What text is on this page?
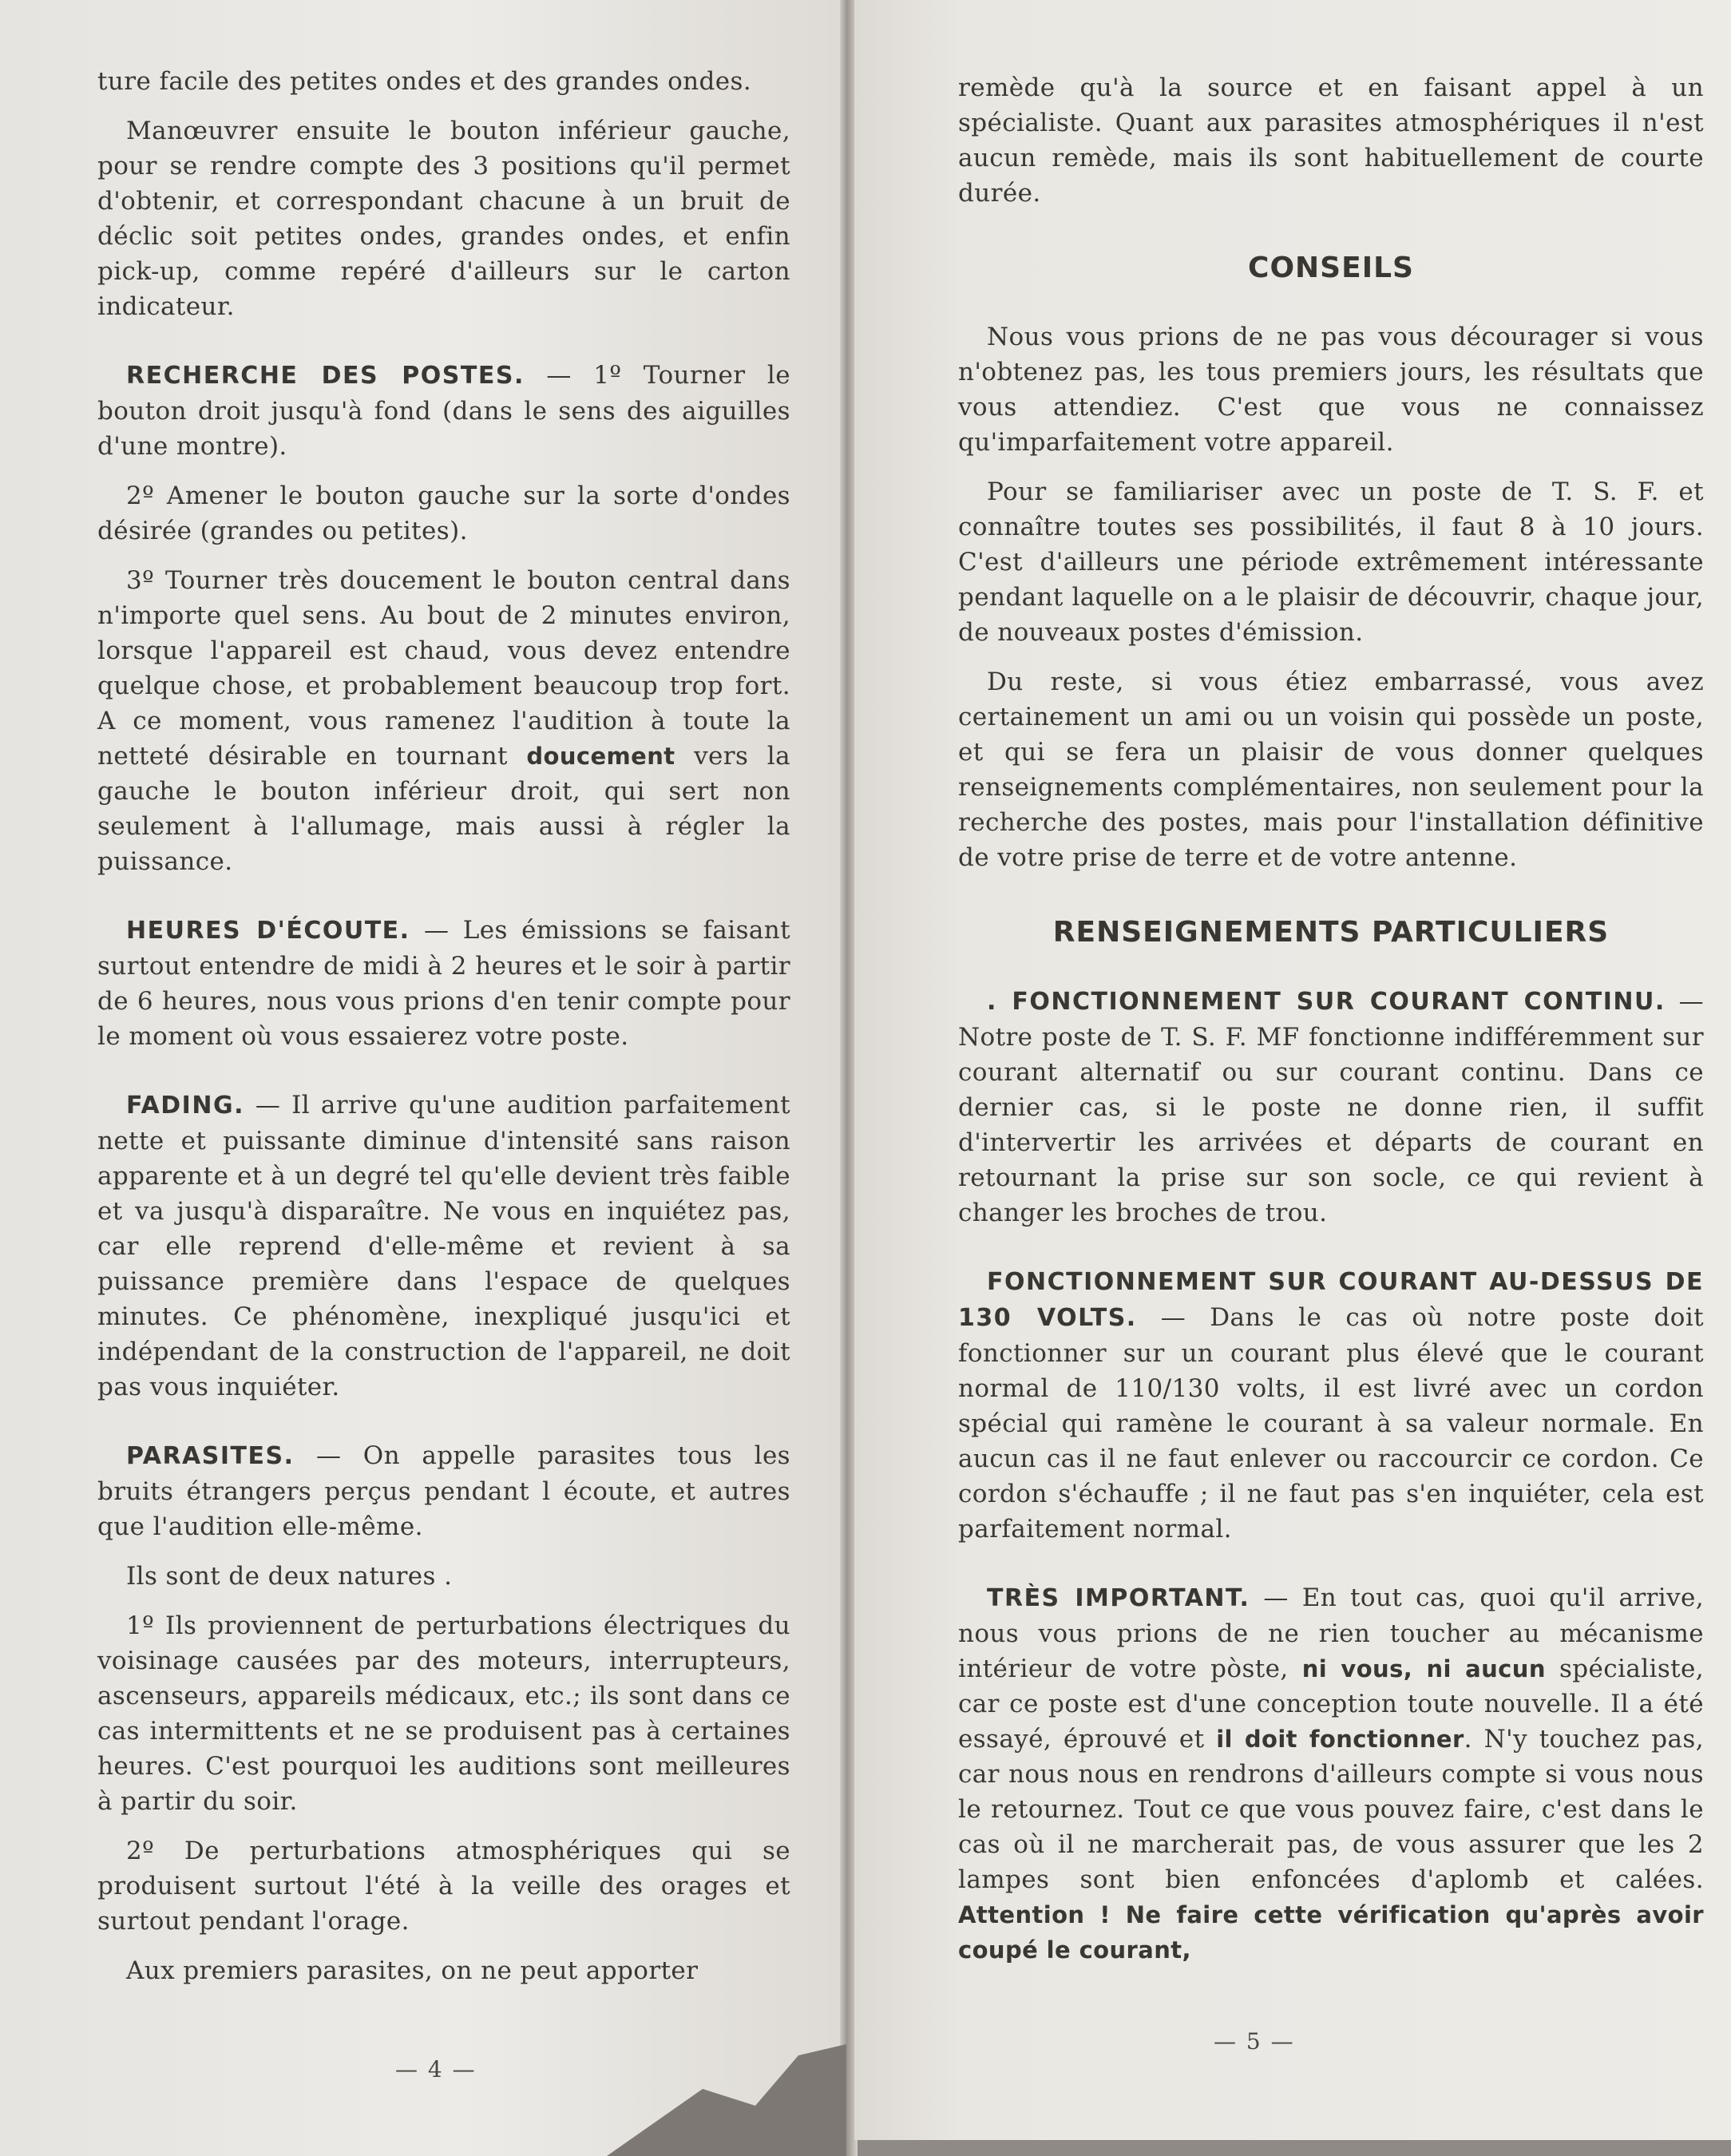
ture facile des petites ondes et des grandes ondes.

Manœuvrer ensuite le bouton inférieur gauche, pour se rendre compte des 3 positions qu'il permet d'obtenir, et correspondant chacune à un bruit de déclic soit petites ondes, grandes ondes, et enfin pick-up, comme repéré d'ailleurs sur le carton indicateur.

RECHERCHE DES POSTES. — 1º Tourner le bouton droit jusqu'à fond (dans le sens des aiguilles d'une montre).

2º Amener le bouton gauche sur la sorte d'ondes désirée (grandes ou petites).

3º Tourner très doucement le bouton central dans n'importe quel sens. Au bout de 2 minutes environ, lorsque l'appareil est chaud, vous devez entendre quelque chose, et probablement beaucoup trop fort. A ce moment, vous ramenez l'audition à toute la netteté désirable en tournant doucement vers la gauche le bouton inférieur droit, qui sert non seulement à l'allumage, mais aussi à régler la puissance.

HEURES D'ÉCOUTE. — Les émissions se faisant surtout entendre de midi à 2 heures et le soir à partir de 6 heures, nous vous prions d'en tenir compte pour le moment où vous essaierez votre poste.

FADING. — Il arrive qu'une audition parfaitement nette et puissante diminue d'intensité sans raison apparente et à un degré tel qu'elle devient très faible et va jusqu'à disparaître. Ne vous en inquiétez pas, car elle reprend d'elle-même et revient à sa puissance première dans l'espace de quelques minutes. Ce phénomène, inexpliqué jusqu'ici et indépendant de la construction de l'appareil, ne doit pas vous inquiéter.

PARASITES. — On appelle parasites tous les bruits étrangers perçus pendant l écoute, et autres que l'audition elle-même.

Ils sont de deux natures .

1º Ils proviennent de perturbations électriques du voisinage causées par des moteurs, interrupteurs, ascenseurs, appareils médicaux, etc.; ils sont dans ce cas intermittents et ne se produisent pas à certaines heures. C'est pourquoi les auditions sont meilleures à partir du soir.

2º De perturbations atmosphériques qui se produisent surtout l'été à la veille des orages et surtout pendant l'orage.

Aux premiers parasites, on ne peut apporter

— 4 —

remède qu'à la source et en faisant appel à un spécialiste. Quant aux parasites atmosphériques il n'est aucun remède, mais ils sont habituellement de courte durée.

CONSEILS

Nous vous prions de ne pas vous décourager si vous n'obtenez pas, les tous premiers jours, les résultats que vous attendiez. C'est que vous ne connaissez qu'imparfaitement votre appareil.

Pour se familiariser avec un poste de T. S. F. et connaître toutes ses possibilités, il faut 8 à 10 jours. C'est d'ailleurs une période extrêmement intéressante pendant laquelle on a le plaisir de découvrir, chaque jour, de nouveaux postes d'émission.

Du reste, si vous étiez embarrassé, vous avez certainement un ami ou un voisin qui possède un poste, et qui se fera un plaisir de vous donner quelques renseignements complémentaires, non seulement pour la recherche des postes, mais pour l'installation définitive de votre prise de terre et de votre antenne.

RENSEIGNEMENTS PARTICULIERS

. FONCTIONNEMENT SUR COURANT CONTINU. — Notre poste de T. S. F. MF fonctionne indifféremment sur courant alternatif ou sur courant continu. Dans ce dernier cas, si le poste ne donne rien, il suffit d'intervertir les arrivées et départs de courant en retournant la prise sur son socle, ce qui revient à changer les broches de trou.

FONCTIONNEMENT SUR COURANT AU-DESSUS DE 130 VOLTS. — Dans le cas où notre poste doit fonctionner sur un courant plus élevé que le courant normal de 110/130 volts, il est livré avec un cordon spécial qui ramène le courant à sa valeur normale. En aucun cas il ne faut enlever ou raccourcir ce cordon. Ce cordon s'échauffe ; il ne faut pas s'en inquiéter, cela est parfaitement normal.

TRÈS IMPORTANT. — En tout cas, quoi qu'il arrive, nous vous prions de ne rien toucher au mécanisme intérieur de votre pòste, ni vous, ni aucun spécialiste, car ce poste est d'une conception toute nouvelle. Il a été essayé, éprouvé et il doit fonctionner. N'y touchez pas, car nous nous en rendrons d'ailleurs compte si vous nous le retournez. Tout ce que vous pouvez faire, c'est dans le cas où il ne marcherait pas, de vous assurer que les 2 lampes sont bien enfoncées d'aplomb et calées. Attention ! Ne faire cette vérification qu'après avoir coupé le courant,

— 5 —
